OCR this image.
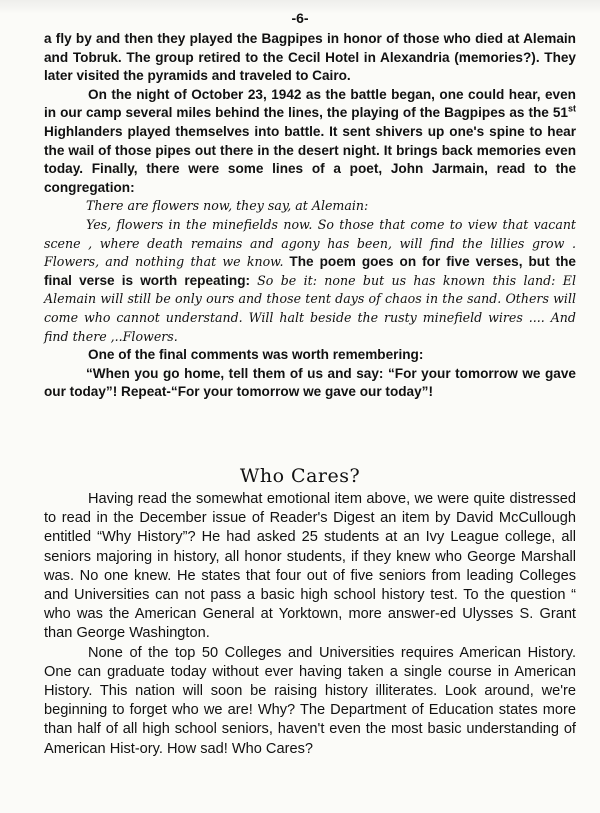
-6-

a fly by and then they played the Bagpipes in honor of those who died at Alemain and Tobruk. The group retired to the Cecil Hotel in Alexandria (memories?). They later visited the pyramids and traveled to Cairo.

On the night of October 23, 1942 as the battle began, one could hear, even in our camp several miles behind the lines, the playing of the Bagpipes as the 51st Highlanders played themselves into battle. It sent shivers up one's spine to hear the wail of those pipes out there in the desert night. It brings back memories even today. Finally, there were some lines of a poet, John Jarmain, read to the congregation:

There are flowers now, they say, at Alemain:

Yes, flowers in the minefields now. So those that come to view that vacant scene , where death remains and agony has been, will find the lillies grow . Flowers, and nothing that we know. The poem goes on for five verses, but the final verse is worth repeating: So be it: none but us has known this land: El Alemain will still be only ours and those tent days of chaos in the sand. Others will come who cannot understand. Will halt beside the rusty minefield wires .... And find there ,..Flowers.

One of the final comments was worth remembering:

“When you go home, tell them of us and say: “For your tomorrow we gave our today”! Repeat-“For your tomorrow we gave our today”!

Who Cares?

Having read the somewhat emotional item above, we were quite distressed to read in the December issue of Reader's Digest an item by David McCullough entitled “Why History”? He had asked 25 students at an Ivy League college, all seniors majoring in history, all honor students, if they knew who George Marshall was. No one knew. He states that four out of five seniors from leading Colleges and Universities can not pass a basic high school history test. To the question “ who was the American General at Yorktown, more answer-ed Ulysses S. Grant than George Washington.

None of the top 50 Colleges and Universities requires American History. One can graduate today without ever having taken a single course in American History. This nation will soon be raising history illiterates. Look around, we're beginning to forget who we are! Why? The Department of Education states more than half of all high school seniors, haven't even the most basic understanding of American Hist-ory. How sad! Who Cares?
